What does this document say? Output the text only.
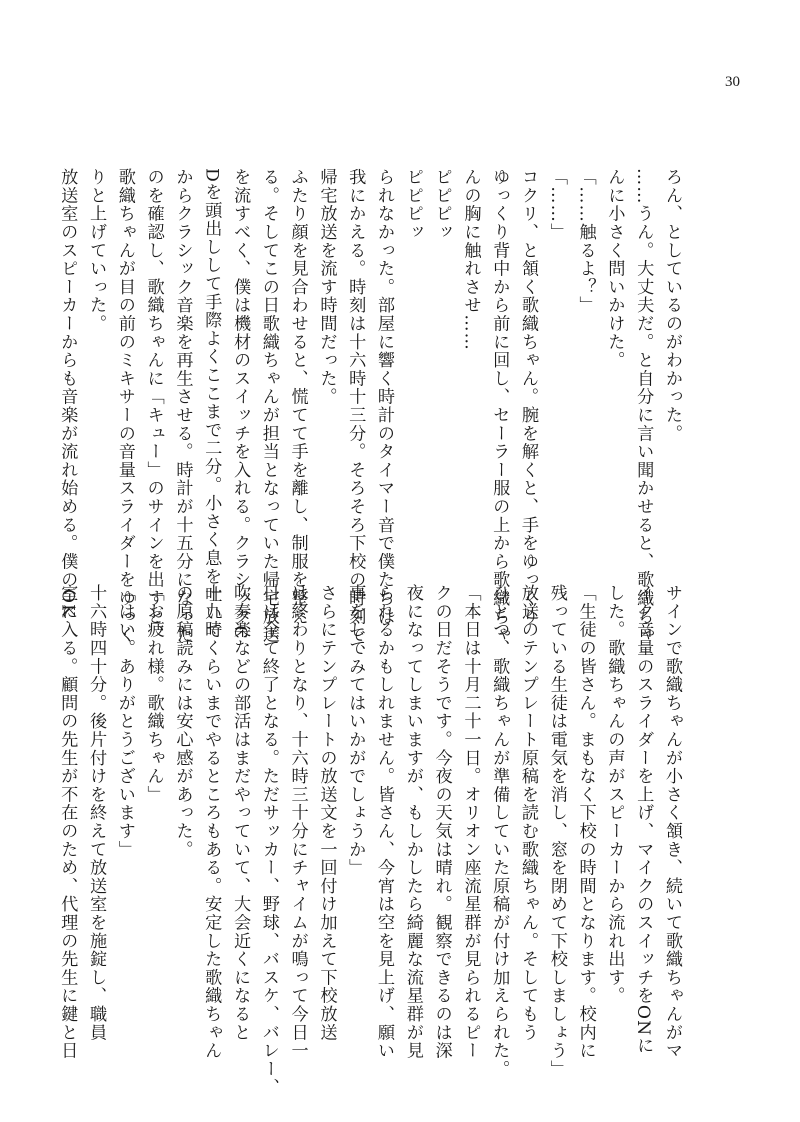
30
ろん、としているのがわかった。
……うん。大丈夫だ。と自分に言い聞かせると、歌織ちゃ
んに小さく問いかけた。
「……触るよ？」
「……」
コクリ、と頷く歌織ちゃん。腕を解くと、手をゆっくり
ゆっくり背中から前に回し、セーラー服の上から歌織ちゃ
んの胸に触れさせ……
ピピピッ
ピピピッ
られなかった。部屋に響く時計のタイマー音で僕たちは
我にかえる。時刻は十六時十三分。そろそろ下校の時刻で、
帰宅放送を流す時間だった。
ふたり顔を見合わせると、慌てて手を離し、制服を整え
る。そしてこの日歌織ちゃんが担当となっていた帰宅放送
を流すべく、僕は機材のスイッチを入れる。クラシックC
Dを頭出しして手際よくここまで二分。小さく息を吐いて
からクラシック音楽を再生させる。時計が十五分になった
のを確認し、歌織ちゃんに「キュー」のサインを出すと、
歌織ちゃんが目の前のミキサーの音量スライダーをゆっく
りと上げていった。
放送室のスピーカーからも音楽が流れ始める。僕のOK
サインで歌織ちゃんが小さく頷き、続いて歌織ちゃんがマ
イク音量のスライダーを上げ、マイクのスイッチをONに
した。歌織ちゃんの声がスピーカーから流れ出す。
「生徒の皆さん。まもなく下校の時間となります。校内に
残っている生徒は電気を消し、窓を閉めて下校しましょう」
放送のテンプレート原稿を読む歌織ちゃん。そしてもう
ひとつ、歌織ちゃんが準備していた原稿が付け加えられた。
「本日は十月二十一日。オリオン座流星群が見られるピー
クの日だそうです。今夜の天気は晴れ。観察できるのは深
夜になってしまいますが、もしかしたら綺麗な流星群が見
られるかもしれません。皆さん、今宵は空を見上げ、願い
事をしてみてはいかがでしょうか」
さらにテンプレートの放送文を一回付け加えて下校放送
は終わりとなり、十六時三十分にチャイムが鳴って今日一
日は全て終了となる。ただサッカー、野球、バスケ、バレー、
吹奏楽などの部活はまだやっていて、大会近くになると
十九時くらいまでやるところもある。安定した歌織ちゃん
の原稿読みには安心感があった。
「お疲れ様。歌織ちゃん」
「はい。ありがとうございます」
十六時四十分。後片付けを終えて放送室を施錠し、職員
室に入る。顧問の先生が不在のため、代理の先生に鍵と日
